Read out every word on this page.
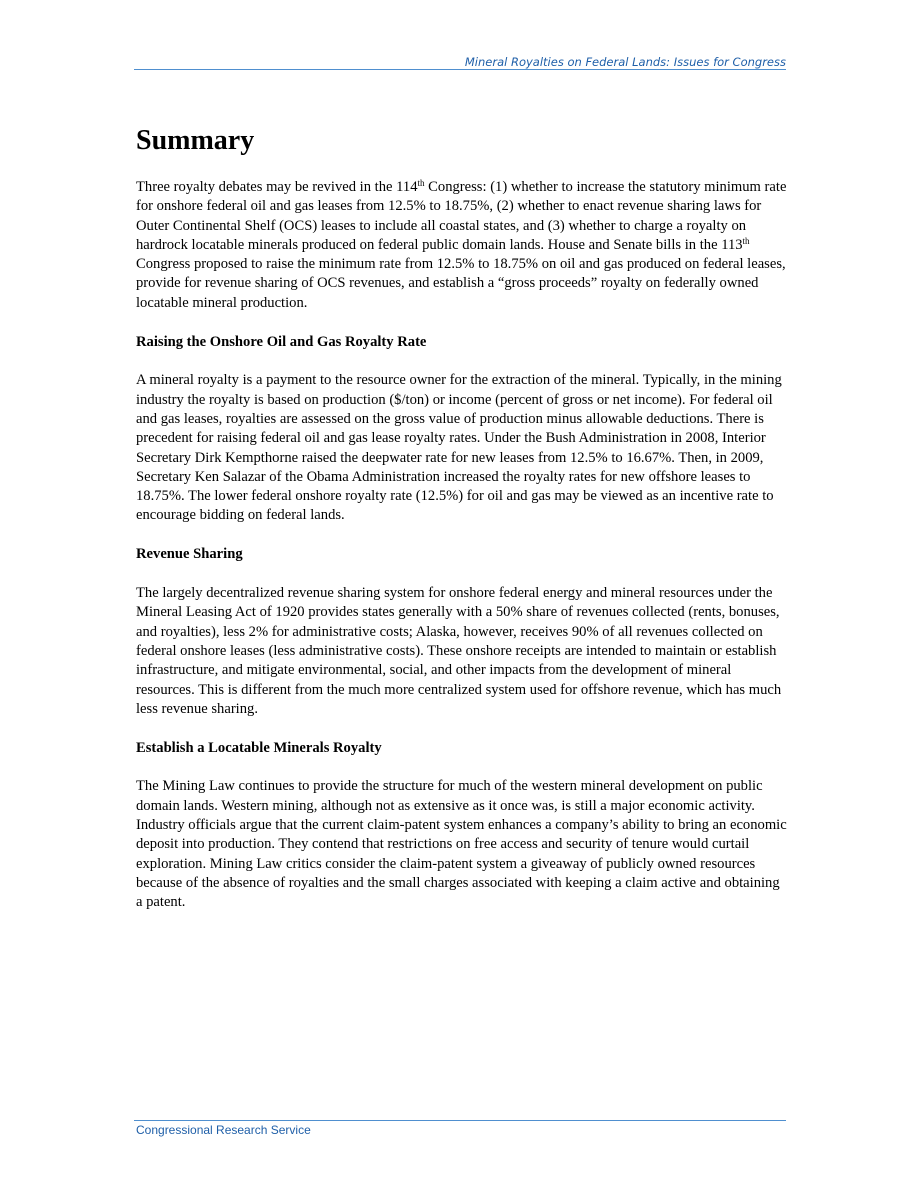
Mineral Royalties on Federal Lands: Issues for Congress
Summary

Three royalty debates may be revived in the 114th Congress: (1) whether to increase the statutory minimum rate for onshore federal oil and gas leases from 12.5% to 18.75%, (2) whether to enact revenue sharing laws for Outer Continental Shelf (OCS) leases to include all coastal states, and (3) whether to charge a royalty on hardrock locatable minerals produced on federal public domain lands. House and Senate bills in the 113th Congress proposed to raise the minimum rate from 12.5% to 18.75% on oil and gas produced on federal leases, provide for revenue sharing of OCS revenues, and establish a “gross proceeds” royalty on federally owned locatable mineral production.

Raising the Onshore Oil and Gas Royalty Rate

A mineral royalty is a payment to the resource owner for the extraction of the mineral. Typically, in the mining industry the royalty is based on production ($/ton) or income (percent of gross or net income). For federal oil and gas leases, royalties are assessed on the gross value of production minus allowable deductions. There is precedent for raising federal oil and gas lease royalty rates. Under the Bush Administration in 2008, Interior Secretary Dirk Kempthorne raised the deepwater rate for new leases from 12.5% to 16.67%. Then, in 2009, Secretary Ken Salazar of the Obama Administration increased the royalty rates for new offshore leases to 18.75%. The lower federal onshore royalty rate (12.5%) for oil and gas may be viewed as an incentive rate to encourage bidding on federal lands.

Revenue Sharing

The largely decentralized revenue sharing system for onshore federal energy and mineral resources under the Mineral Leasing Act of 1920 provides states generally with a 50% share of revenues collected (rents, bonuses, and royalties), less 2% for administrative costs; Alaska, however, receives 90% of all revenues collected on federal onshore leases (less administrative costs). These onshore receipts are intended to maintain or establish infrastructure, and mitigate environmental, social, and other impacts from the development of mineral resources. This is different from the much more centralized system used for offshore revenue, which has much less revenue sharing.

Establish a Locatable Minerals Royalty

The Mining Law continues to provide the structure for much of the western mineral development on public domain lands. Western mining, although not as extensive as it once was, is still a major economic activity. Industry officials argue that the current claim-patent system enhances a company’s ability to bring an economic deposit into production. They contend that restrictions on free access and security of tenure would curtail exploration. Mining Law critics consider the claim-patent system a giveaway of publicly owned resources because of the absence of royalties and the small charges associated with keeping a claim active and obtaining a patent.

Congressional Research Service
